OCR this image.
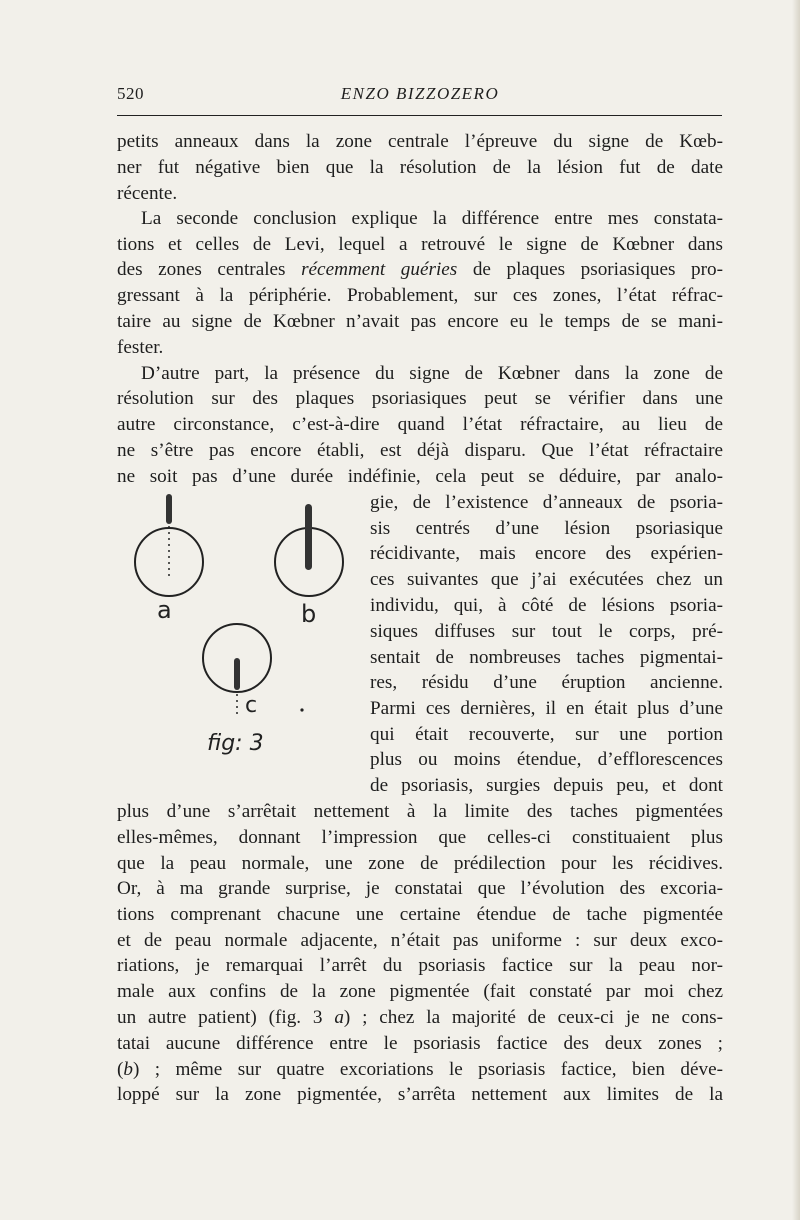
520	ENZO BIZZOZERO
petits anneaux dans la zone centrale l’épreuve du signe de Kœb-
ner fut négative bien que la résolution de la lésion fut de date
récente.
La seconde conclusion explique la différence entre mes constata-
tions et celles de Levi, lequel a retrouvé le signe de Kœbner dans
des zones centrales récemment guéries de plaques psoriasiques pro-
gressant à la périphérie. Probablement, sur ces zones, l’état réfrac-
taire au signe de Kœbner n’avait pas encore eu le temps de se mani-
fester.
D’autre part, la présence du signe de Kœbner dans la zone de
résolution sur des plaques psoriasiques peut se vérifier dans une
autre circonstance, c’est-à-dire quand l’état réfractaire, au lieu de
ne s’être pas encore établi, est déjà disparu. Que l’état réfractaire
ne soit pas d’une durée indéfinie, cela peut se déduire, par analo-
gie, de l’existence d’anneaux de psoria-
sis centrés d’une lésion psoriasique
récidivante, mais encore des expérien-
ces suivantes que j’ai exécutées chez un
individu, qui, à côté de lésions psoria-
siques diffuses sur tout le corps, pré-
sentait de nombreuses taches pigmentai-
res, résidu d’une éruption ancienne.
Parmi ces dernières, il en était plus d’une
qui était recouverte, sur une portion
plus ou moins étendue, d’efflorescences
de psoriasis, surgies depuis peu, et dont
plus d’une s’arrêtait nettement à la limite des taches pigmentées
elles-mêmes, donnant l’impression que celles-ci constituaient plus
que la peau normale, une zone de prédilection pour les récidives.
Or, à ma grande surprise, je constatai que l’évolution des excoria-
tions comprenant chacune une certaine étendue de tache pigmentée
et de peau normale adjacente, n’était pas uniforme : sur deux exco-
riations, je remarquai l’arrêt du psoriasis factice sur la peau nor-
male aux confins de la zone pigmentée (fait constaté par moi chez
un autre patient) (fig. 3 a) ; chez la majorité de ceux-ci je ne cons-
tatai aucune différence entre le psoriasis factice des deux zones ;
(b) ; même sur quatre excoriations le psoriasis factice, bien déve-
loppé sur la zone pigmentée, s’arrêta nettement aux limites de la
a	b
c
fig: 3
